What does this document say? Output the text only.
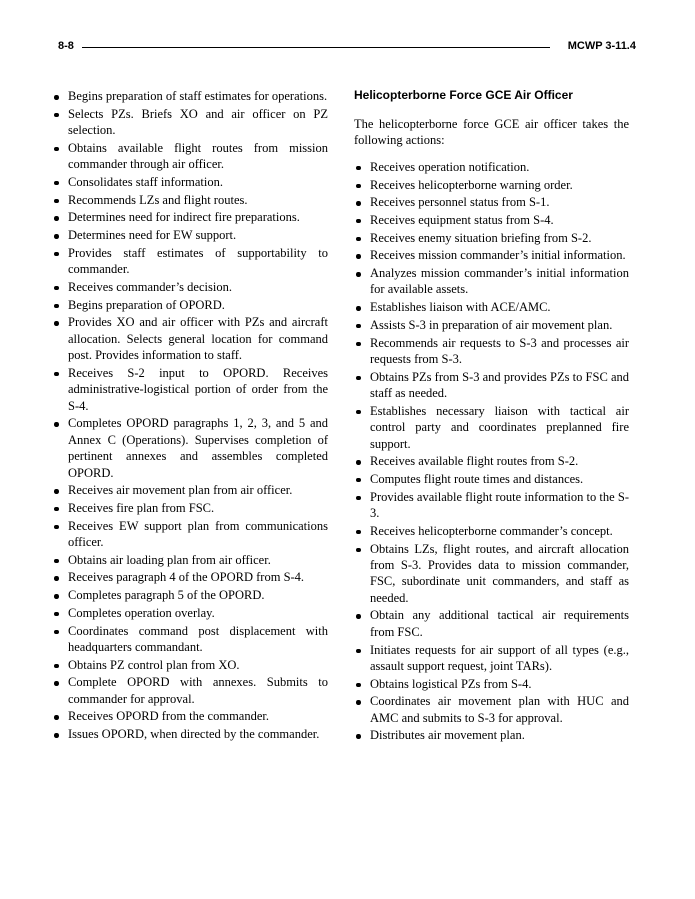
8-8	MCWP 3-11.4
Begins preparation of staff estimates for operations.
Selects PZs. Briefs XO and air officer on PZ selection.
Obtains available flight routes from mission commander through air officer.
Consolidates staff information.
Recommends LZs and flight routes.
Determines need for indirect fire preparations.
Determines need for EW support.
Provides staff estimates of supportability to commander.
Receives commander’s decision.
Begins preparation of OPORD.
Provides XO and air officer with PZs and aircraft allocation. Selects general location for command post. Provides information to staff.
Receives S-2 input to OPORD. Receives administrative-logistical portion of order from the S-4.
Completes OPORD paragraphs 1, 2, 3, and 5 and Annex C (Operations). Supervises completion of pertinent annexes and assembles completed OPORD.
Receives air movement plan from air officer.
Receives fire plan from FSC.
Receives EW support plan from communications officer.
Obtains air loading plan from air officer.
Receives paragraph 4 of the OPORD from S-4.
Completes paragraph 5 of the OPORD.
Completes operation overlay.
Coordinates command post displacement with headquarters commandant.
Obtains PZ control plan from XO.
Complete OPORD with annexes. Submits to commander for approval.
Receives OPORD from the commander.
Issues OPORD, when directed by the commander.
Helicopterborne Force GCE Air Officer

The helicopterborne force GCE air officer takes the following actions:

Receives operation notification.
Receives helicopterborne warning order.
Receives personnel status from S-1.
Receives equipment status from S-4.
Receives enemy situation briefing from S-2.
Receives mission commander’s initial information.
Analyzes mission commander’s initial information for available assets.
Establishes liaison with ACE/AMC.
Assists S-3 in preparation of air movement plan.
Recommends air requests to S-3 and processes air requests from S-3.
Obtains PZs from S-3 and provides PZs to FSC and staff as needed.
Establishes necessary liaison with tactical air control party and coordinates preplanned fire support.
Receives available flight routes from S-2.
Computes flight route times and distances.
Provides available flight route information to the S-3.
Receives helicopterborne commander’s concept.
Obtains LZs, flight routes, and aircraft allocation from S-3. Provides data to mission commander, FSC, subordinate unit commanders, and staff as needed.
Obtain any additional tactical air requirements from FSC.
Initiates requests for air support of all types (e.g., assault support request, joint TARs).
Obtains logistical PZs from S-4.
Coordinates air movement plan with HUC and AMC and submits to S-3 for approval.
Distributes air movement plan.
